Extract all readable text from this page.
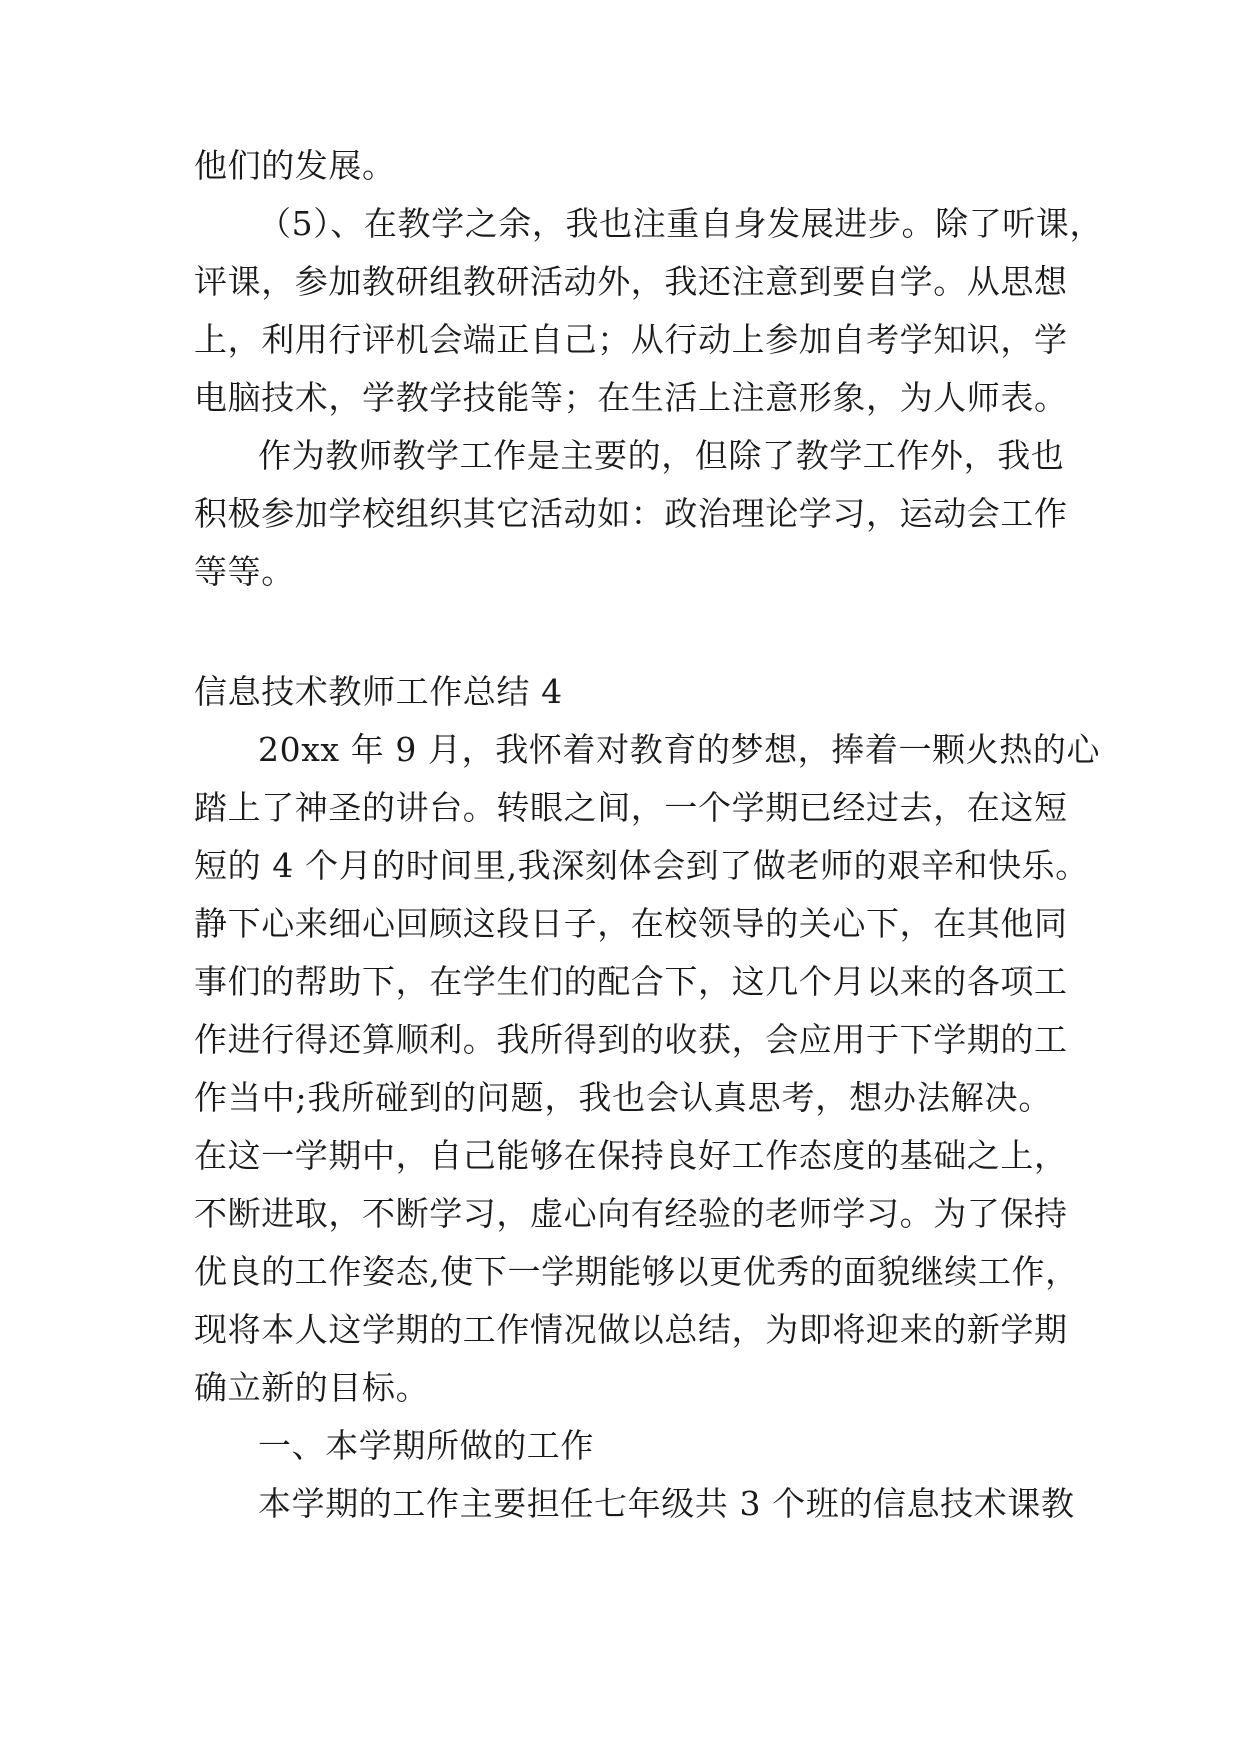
他们的发展。
（5）、在教学之余，我也注重自身发展进步。除了听课，
评课，参加教研组教研活动外，我还注意到要自学。从思想
上，利用行评机会端正自己；从行动上参加自考学知识，学
电脑技术，学教学技能等；在生活上注意形象，为人师表。
作为教师教学工作是主要的，但除了教学工作外，我也
积极参加学校组织其它活动如：政治理论学习，运动会工作
等等。
信息技术教师工作总结 4
20xx 年 9 月，我怀着对教育的梦想，捧着一颗火热的心
踏上了神圣的讲台。转眼之间，一个学期已经过去，在这短
短的 4 个月的时间里,我深刻体会到了做老师的艰辛和快乐。
静下心来细心回顾这段日子，在校领导的关心下，在其他同
事们的帮助下，在学生们的配合下，这几个月以来的各项工
作进行得还算顺利。我所得到的收获，会应用于下学期的工
作当中;我所碰到的问题，我也会认真思考，想办法解决。
在这一学期中，自己能够在保持良好工作态度的基础之上，
不断进取，不断学习，虚心向有经验的老师学习。为了保持
优良的工作姿态,使下一学期能够以更优秀的面貌继续工作，
现将本人这学期的工作情况做以总结，为即将迎来的新学期
确立新的目标。
一、本学期所做的工作
本学期的工作主要担任七年级共 3 个班的信息技术课教
